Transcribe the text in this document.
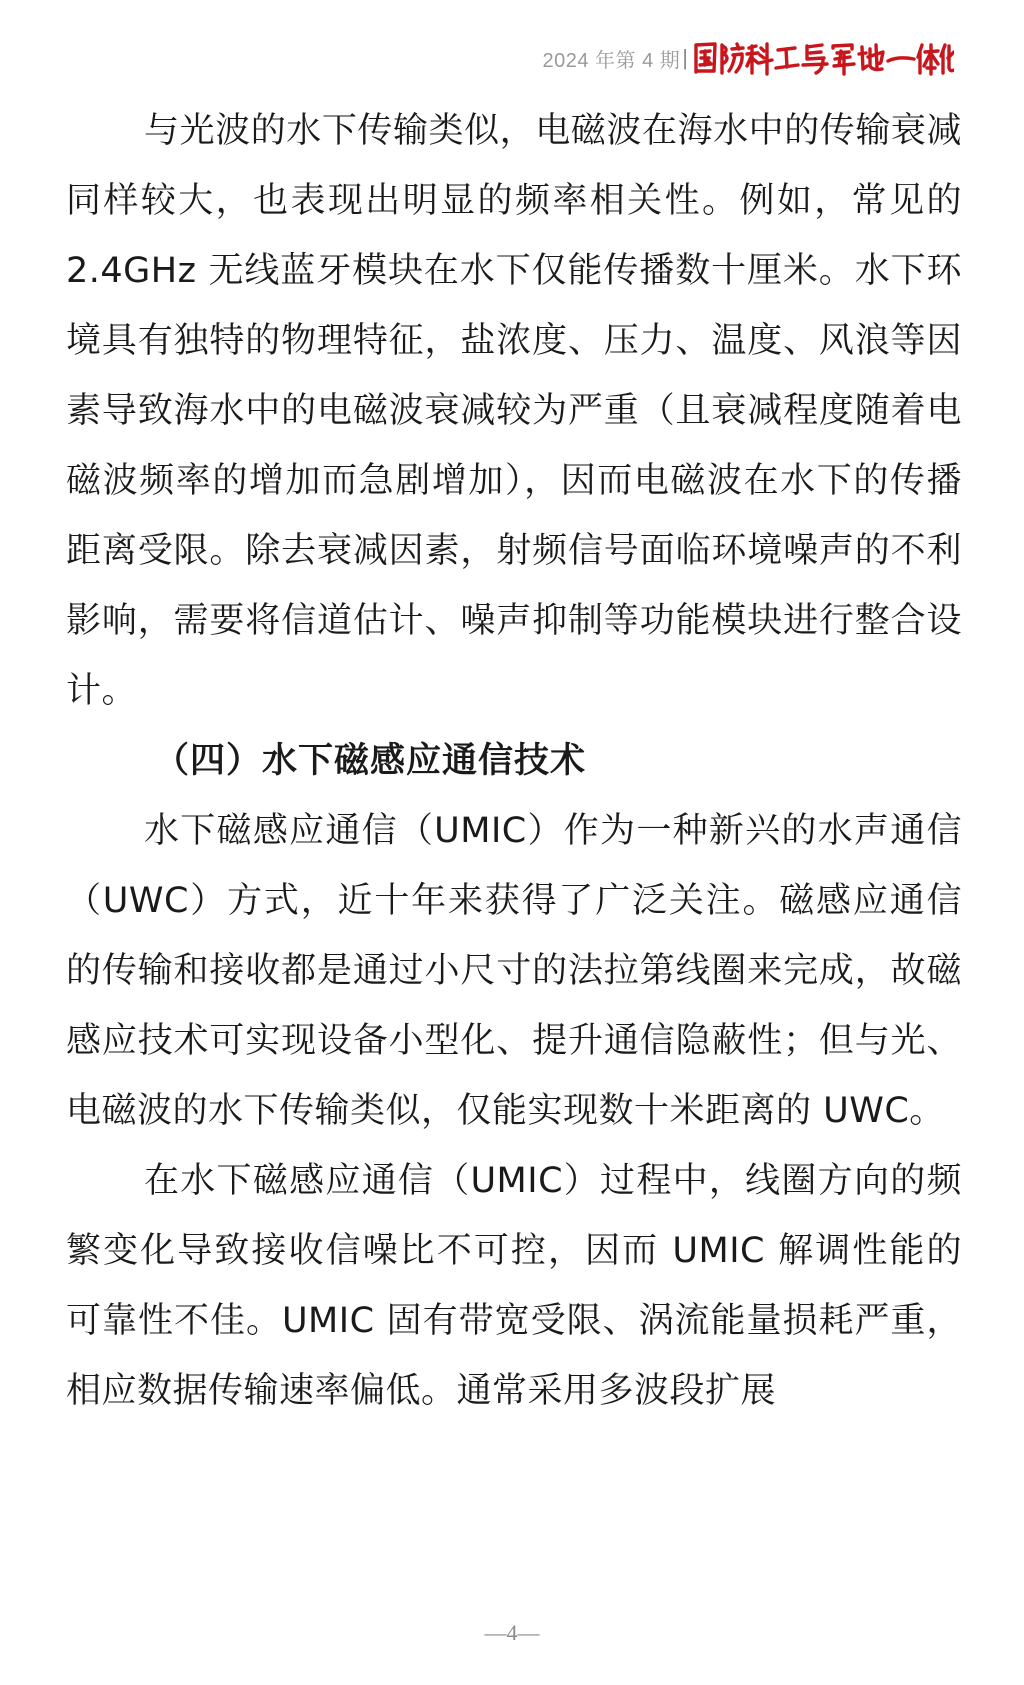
2024 年第 4 期 |

与光波的水下传输类似，电磁波在海水中的传输衰减同样较大，也表现出明显的频率相关性。例如，常见的 2.4GHz 无线蓝牙模块在水下仅能传播数十厘米。水下环境具有独特的物理特征，盐浓度、压力、温度、风浪等因素导致海水中的电磁波衰减较为严重（且衰减程度随着电磁波频率的增加而急剧增加），因而电磁波在水下的传播距离受限。除去衰减因素，射频信号面临环境噪声的不利影响，需要将信道估计、噪声抑制等功能模块进行整合设计。

（四）水下磁感应通信技术

水下磁感应通信（UMIC）作为一种新兴的水声通信（UWC）方式，近十年来获得了广泛关注。磁感应通信的传输和接收都是通过小尺寸的法拉第线圈来完成，故磁感应技术可实现设备小型化、提升通信隐蔽性；但与光、电磁波的水下传输类似，仅能实现数十米距离的 UWC。

在水下磁感应通信（UMIC）过程中，线圈方向的频繁变化导致接收信噪比不可控，因而 UMIC 解调性能的可靠性不佳。UMIC 固有带宽受限、涡流能量损耗严重，相应数据传输速率偏低。通常采用多波段扩展

—4—
